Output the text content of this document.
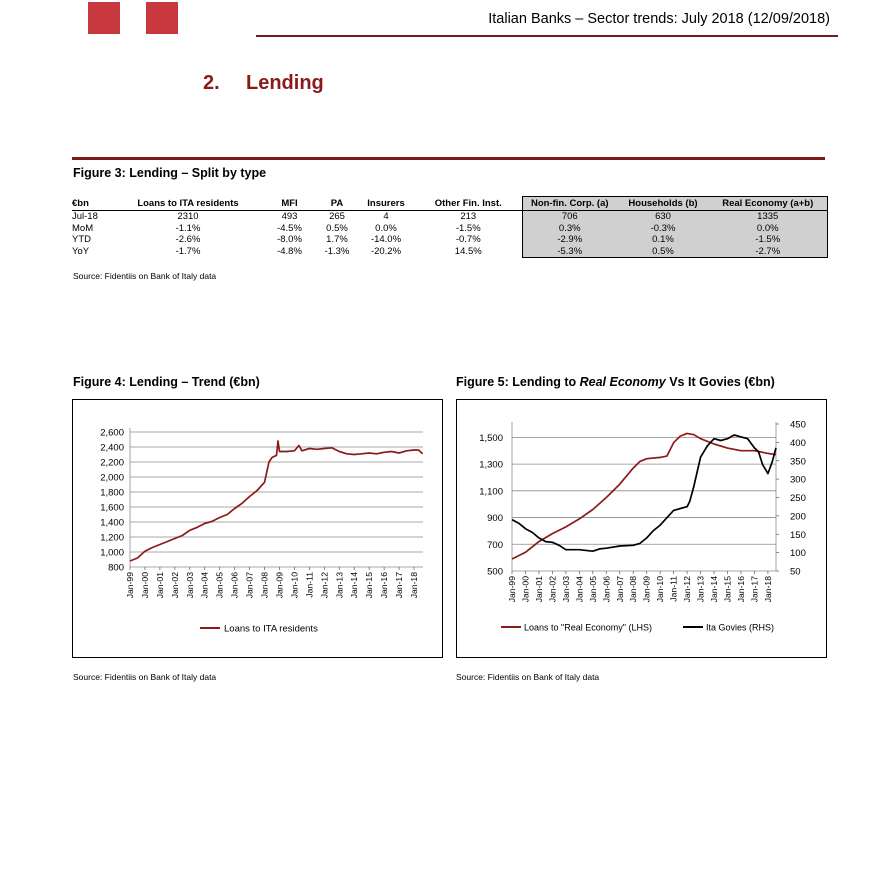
Italian Banks – Sector trends: July 2018 (12/09/2018)
2. Lending
Figure 3: Lending – Split by type
€bn	Loans to ITA residents	MFI	PA	Insurers	Other Fin. Inst.	Non-fin. Corp. (a)	Households (b)	Real Economy (a+b)
Jul-18	2310	493	265	4	213	706	630	1335
MoM	-1.1%	-4.5%	0.5%	0.0%	-1.5%	0.3%	-0.3%	0.0%
YTD	-2.6%	-8.0%	1.7%	-14.0%	-0.7%	-2.9%	0.1%	-1.5%
YoY	-1.7%	-4.8%	-1.3%	-20.2%	14.5%	-5.3%	0.5%	-2.7%
Source: Fidentiis on Bank of Italy data
Figure 4: Lending – Trend (€bn)
800
1,000
1,200
1,400
1,600
1,800
2,000
2,200
2,400
2,600
Jan-99 Jan-00 Jan-01 Jan-02 Jan-03 Jan-04 Jan-05 Jan-06 Jan-07 Jan-08 Jan-09 Jan-10 Jan-11 Jan-12 Jan-13 Jan-14 Jan-15 Jan-16 Jan-17 Jan-18
Loans to ITA residents
Source: Fidentiis on Bank of Italy data
Figure 5: Lending to Real Economy Vs It Govies (€bn)
500
700
900
1,100
1,300
1,500
50
100
150
200
250
300
350
400
450
Jan-99 Jan-00 Jan-01 Jan-02 Jan-03 Jan-04 Jan-05 Jan-06 Jan-07 Jan-08 Jan-09 Jan-10 Jan-11 Jan-12 Jan-13 Jan-14 Jan-15 Jan-16 Jan-17 Jan-18
Loans to "Real Economy" (LHS)	Ita Govies (RHS)
Source: Fidentiis on Bank of Italy data
